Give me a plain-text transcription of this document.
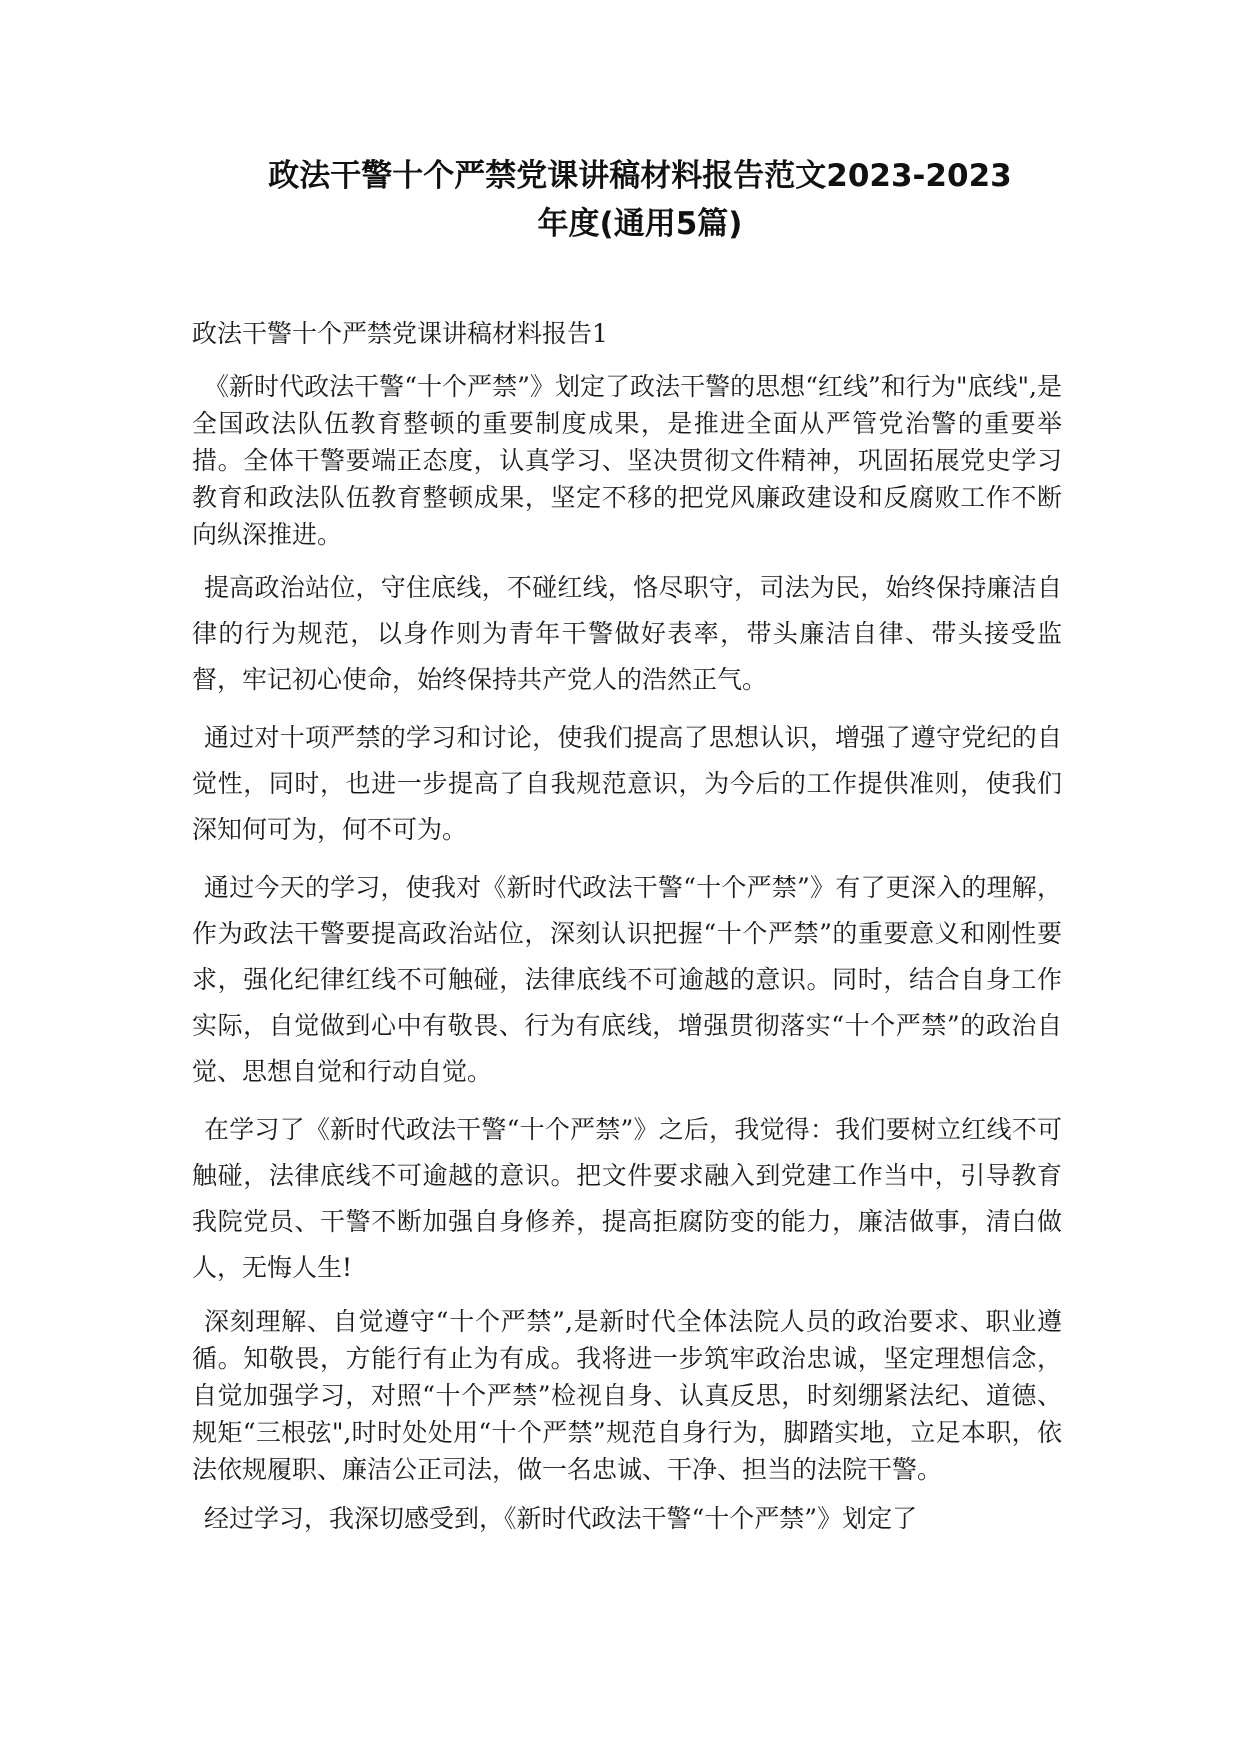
政法干警十个严禁党课讲稿材料报告范文2023-2023
年度(通用5篇)

政法干警十个严禁党课讲稿材料报告1

《新时代政法干警“十个严禁”》划定了政法干警的思想“红线”和行为"底线",是全国政法队伍教育整顿的重要制度成果，是推进全面从严管党治警的重要举措。全体干警要端正态度，认真学习、坚决贯彻文件精神，巩固拓展党史学习教育和政法队伍教育整顿成果，坚定不移的把党风廉政建设和反腐败工作不断向纵深推进。

提高政治站位，守住底线，不碰红线，恪尽职守，司法为民，始终保持廉洁自律的行为规范，以身作则为青年干警做好表率，带头廉洁自律、带头接受监督，牢记初心使命，始终保持共产党人的浩然正气。

通过对十项严禁的学习和讨论，使我们提高了思想认识，增强了遵守党纪的自觉性，同时，也进一步提高了自我规范意识，为今后的工作提供准则，使我们深知何可为，何不可为。

通过今天的学习，使我对《新时代政法干警“十个严禁”》有了更深入的理解，作为政法干警要提高政治站位，深刻认识把握“十个严禁”的重要意义和刚性要求，强化纪律红线不可触碰，法律底线不可逾越的意识。同时，结合自身工作实际，自觉做到心中有敬畏、行为有底线，增强贯彻落实“十个严禁”的政治自觉、思想自觉和行动自觉。

在学习了《新时代政法干警“十个严禁”》之后，我觉得：我们要树立红线不可触碰，法律底线不可逾越的意识。把文件要求融入到党建工作当中，引导教育我院党员、干警不断加强自身修养，提高拒腐防变的能力，廉洁做事，清白做人，无悔人生!

深刻理解、自觉遵守“十个严禁”,是新时代全体法院人员的政治要求、职业遵循。知敬畏，方能行有止为有成。我将进一步筑牢政治忠诚，坚定理想信念，自觉加强学习，对照“十个严禁”检视自身、认真反思，时刻绷紧法纪、道德、规矩“三根弦",时时处处用“十个严禁”规范自身行为，脚踏实地，立足本职，依法依规履职、廉洁公正司法，做一名忠诚、干净、担当的法院干警。

经过学习，我深切感受到，《新时代政法干警“十个严禁”》划定了
